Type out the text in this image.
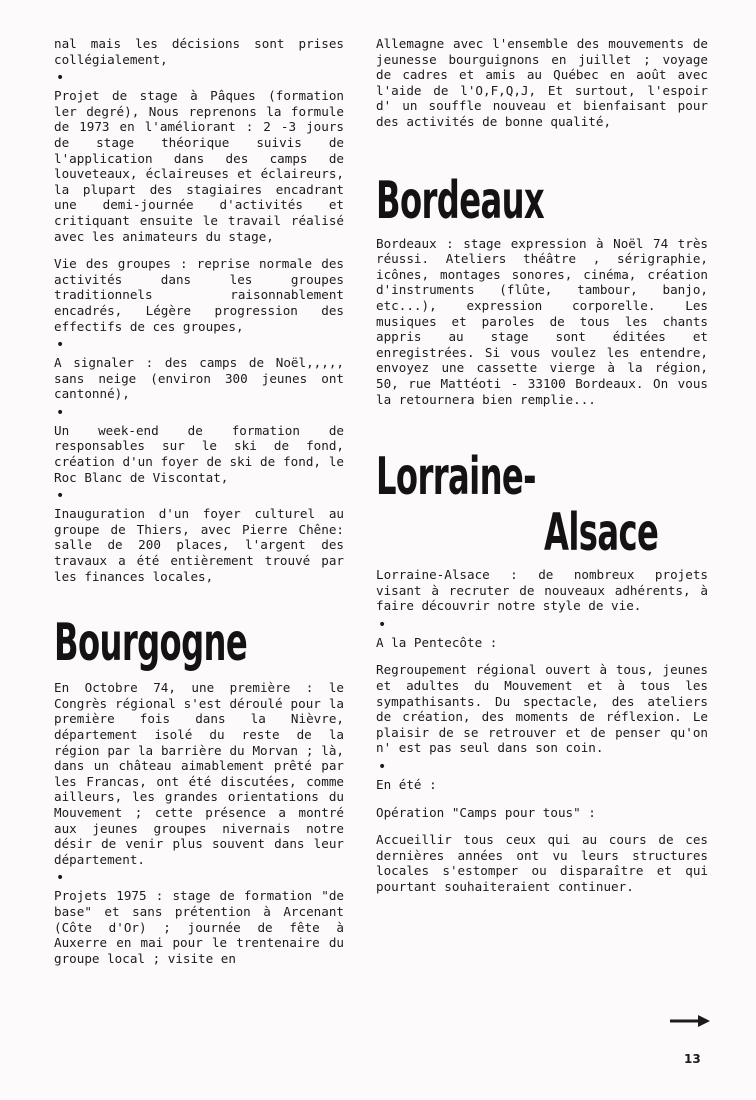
nal mais les décisions sont prises collégialement,

•

Projet de stage à Pâques (formation ler degré), Nous reprenons la formule de 1973 en l'améliorant : 2 -3 jours de stage théorique suivis de l'application dans des camps de louveteaux, éclaireuses et éclaireurs, la plupart des stagiaires encadrant une demi-journée d'activités et critiquant ensuite le travail réalisé avec les animateurs du stage,

Vie des groupes : reprise normale des activités dans les groupes traditionnels raisonnablement encadrés, Légère progression des effectifs de ces groupes,

•

A signaler : des camps de Noël,,,,, sans neige (environ 300 jeunes ont cantonné),

•

Un week-end de formation de responsables sur le ski de fond, création d'un foyer de ski de fond, le Roc Blanc de Viscontat,

•

Inauguration d'un foyer culturel au groupe de Thiers, avec Pierre Chêne: salle de 200 places, l'argent des travaux a été entièrement trouvé par les finances locales,

Bourgogne

En Octobre 74, une première : le Congrès régional s'est déroulé pour la première fois dans la Nièvre, département isolé du reste de la région par la barrière du Morvan ; là, dans un château aimablement prêté par les Francas, ont été discutées, comme ailleurs, les grandes orientations du Mouvement ; cette présence a montré aux jeunes groupes nivernais notre désir de venir plus souvent dans leur département.

•

Projets 1975 : stage de formation "de base" et sans prétention à Arcenant (Côte d'Or) ; journée de fête à Auxerre en mai pour le trentenaire du groupe local ; visite en

Allemagne avec l'ensemble des mouvements de jeunesse bourguignons en juillet ; voyage de cadres et amis au Québec en août avec l'aide de l'O,F,Q,J, Et surtout, l'espoir d' un souffle nouveau et bienfaisant pour des activités de bonne qualité,

Bordeaux

Bordeaux : stage expression à Noël 74 très réussi. Ateliers théâtre , sérigraphie, icônes, montages sonores, cinéma, création d'instruments (flûte, tambour, banjo, etc...), expression corporelle. Les musiques et paroles de tous les chants appris au stage sont éditées et enregistrées. Si vous voulez les entendre, envoyez une cassette vierge à la région, 50, rue Mattéoti - 33100 Bordeaux. On vous la retournera bien remplie...

Lorraine-
Alsace

Lorraine-Alsace : de nombreux projets visant à recruter de nouveaux adhérents, à faire découvrir notre style de vie.

•

A la Pentecôte :

Regroupement régional ouvert à tous, jeunes et adultes du Mouvement et à tous les sympathisants. Du spectacle, des ateliers de création, des moments de réflexion. Le plaisir de se retrouver et de penser qu'on n' est pas seul dans son coin.

•

En été :

Opération "Camps pour tous" :

Accueillir tous ceux qui au cours de ces dernières années ont vu leurs structures locales s'estomper ou disparaître et qui pourtant souhaiteraient continuer.

13
